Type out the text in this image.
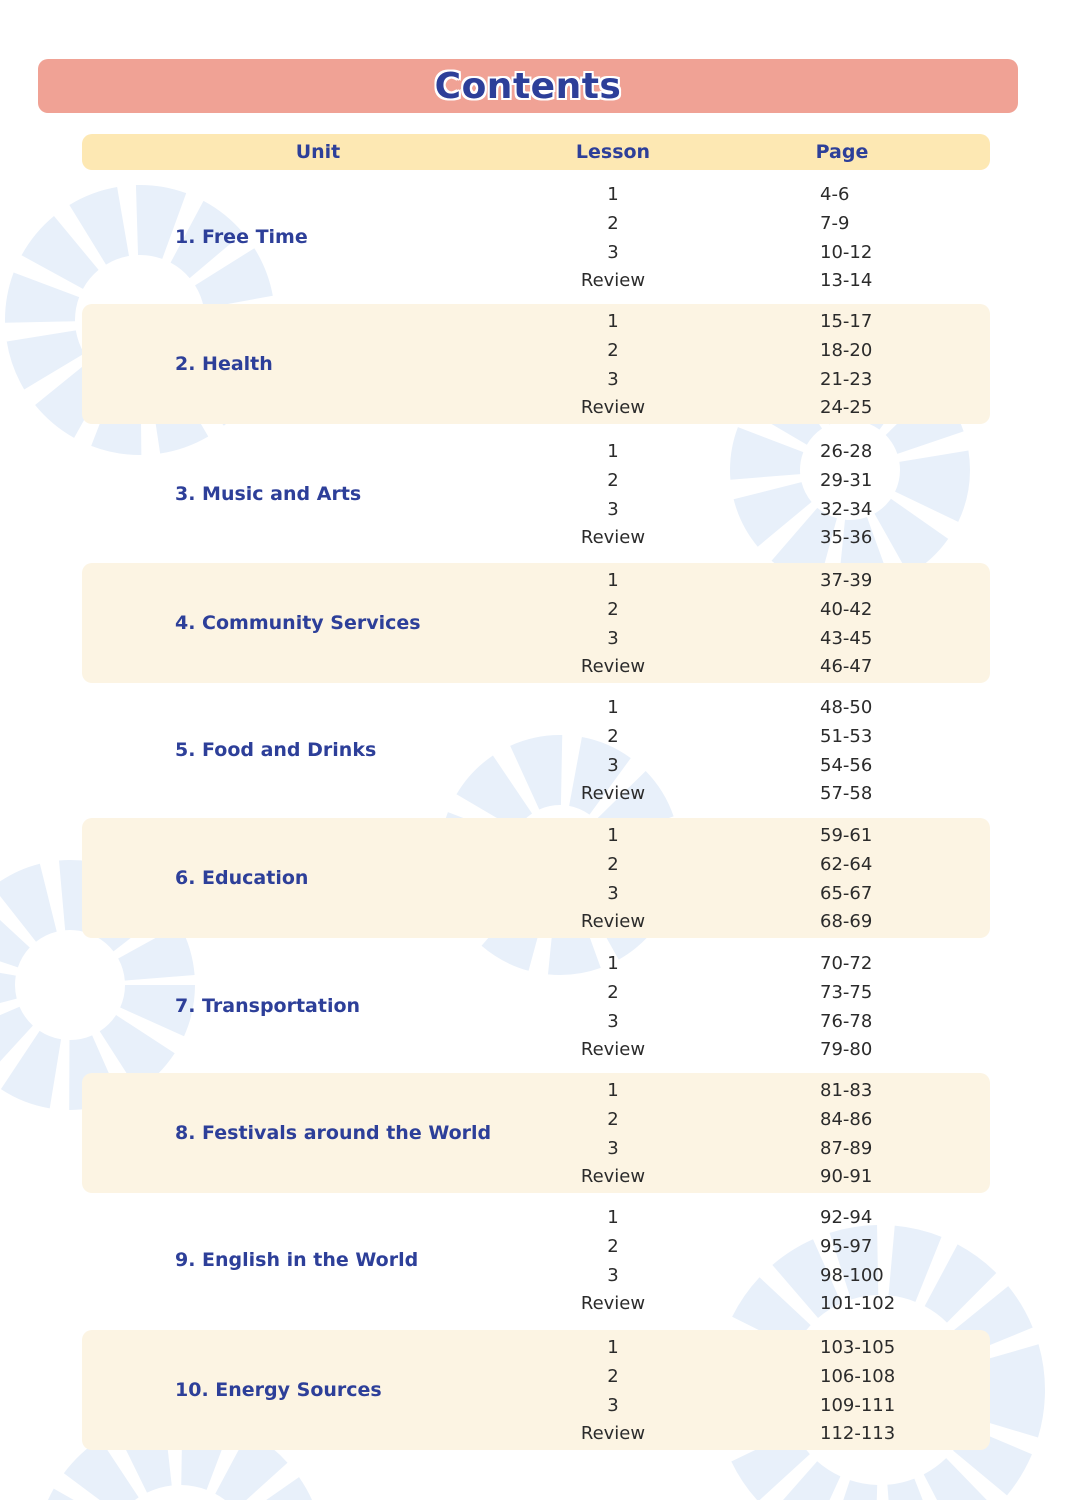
Contents
Unit	Lesson	Page
1. Free Time
1	4-6
2	7-9
3	10-12
Review	13-14
2. Health
1	15-17
2	18-20
3	21-23
Review	24-25
3. Music and Arts
1	26-28
2	29-31
3	32-34
Review	35-36
4. Community Services
1	37-39
2	40-42
3	43-45
Review	46-47
5. Food and Drinks
1	48-50
2	51-53
3	54-56
Review	57-58
6. Education
1	59-61
2	62-64
3	65-67
Review	68-69
7. Transportation
1	70-72
2	73-75
3	76-78
Review	79-80
8. Festivals around the World
1	81-83
2	84-86
3	87-89
Review	90-91
9. English in the World
1	92-94
2	95-97
3	98-100
Review	101-102
10. Energy Sources
1	103-105
2	106-108
3	109-111
Review	112-113
